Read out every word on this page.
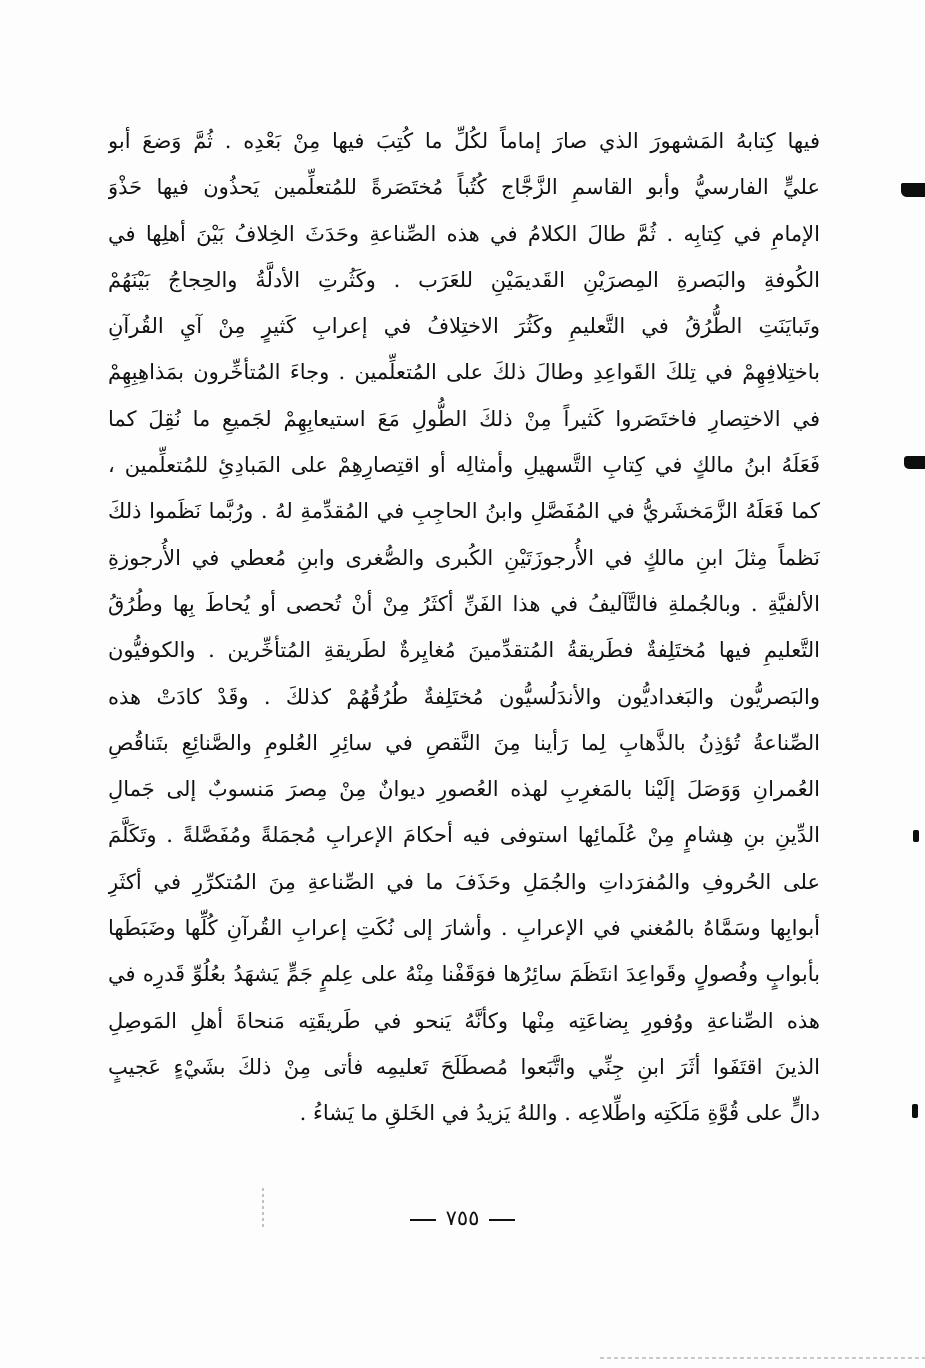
فيها كِتابهُ المَشهورَ الذي صارَ إماماً لكُلِّ ما كُتِبَ فيها مِنْ بَعْدِه . ثُمَّ وَضعَ أبو
عليٍّ الفارسيُّ وأبو القاسمِ الزَّجَّاج كُتُباً مُختَصَرةً للمُتعلِّمين يَحذُون فيها حَذْوَ
الإمامِ في كِتابِه . ثُمَّ طالَ الكلامُ في هذه الصِّناعةِ وحَدَثَ الخِلافُ بَيْنَ أهلِها في
الكُوفةِ والبَصرةِ المِصرَيْنِ القَديمَيْنِ للعَرَب . وكَثُرتِ الأدلَّةُ والحِجاجُ بَيْنَهُمْ
وتَبايَنَتِ الطُّرُقُ في التَّعليمِ وكَثُرَ الاختِلافُ في إعرابِ كَثيرٍ مِنْ آيِ القُرآنِ
باختِلافِهِمْ في تِلكَ القَواعِدِ وطالَ ذلكَ على المُتعلِّمين . وجاءَ المُتأخِّرون بمَذاهِبِهِمْ
في الاختِصارِ فاختَصَروا كَثيراً مِنْ ذلكَ الطُّولِ مَعَ استيعابِهِمْ لجَميعِ ما نُقِلَ كما
فَعَلَهُ ابنُ مالكٍ في كِتابِ التَّسهيلِ وأمثالِه أو اقتِصارِهِمْ على المَبادِئِ للمُتعلِّمين ،
كما فَعَلَهُ الزَّمَخشَريُّ في المُفَصَّلِ وابنُ الحاجِبِ في المُقدِّمةِ لهُ . ورُبَّما نَظَموا ذلكَ
نَظماً مِثلَ ابنِ مالكٍ في الأُرجوزَتَيْنِ الكُبرى والصُّغرى وابنِ مُعطي في الأُرجوزةِ
الألفيَّةِ . وبالجُملةِ فالتَّآليفُ في هذا الفَنِّ أكثَرُ مِنْ أنْ تُحصى أو يُحاطَ بِها وطُرُقُ
التَّعليمِ فيها مُختَلِفةٌ فطَريقةُ المُتقدِّمينَ مُغايِرةٌ لطَريقةِ المُتأخِّرين . والكوفيُّون
والبَصريُّون والبَغداديُّون والأندَلُسيُّون مُختَلِفةٌ طُرُقُهُمْ كذلكَ . وقَدْ كادَتْ هذه
الصِّناعةُ تُؤذِنُ بالذَّهابِ لِما رَأينا مِنَ النَّقصِ في سائِرِ العُلومِ والصَّنائِعِ بتَناقُصِ
العُمرانِ وَوَصَلَ إلَيْنا بالمَغرِبِ لهذه العُصورِ ديوانٌ مِنْ مِصرَ مَنسوبٌ إلى جَمالِ
الدِّينِ بنِ هِشامٍ مِنْ عُلَمائِها استوفى فيه أحكامَ الإعرابِ مُجمَلةً ومُفَصَّلةً . وتَكَلَّمَ
على الحُروفِ والمُفرَداتِ والجُمَلِ وحَذَفَ ما في الصِّناعةِ مِنَ المُتكرِّرِ في أكثَرِ
أبوابِها وسَمَّاهُ بالمُغني في الإعرابِ . وأشارَ إلى نُكَتِ إعرابِ القُرآنِ كُلِّها وضَبَطَها
بأبوابٍ وفُصولٍ وقَواعِدَ انتَظَمَ سائِرُها فوَقَفْنا مِنْهُ على عِلمٍ جَمٍّ يَشهَدُ بعُلُوِّ قَدرِه في
هذه الصِّناعةِ ووُفورِ بِضاعَتِه مِنْها وكأنَّهُ يَنحو في طَريقَتِه مَنحاةَ أهلِ المَوصِلِ
الذينَ اقتَفَوا أثَرَ ابنِ جِنِّي واتَّبَعوا مُصطَلَحَ تَعليمِه فأتى مِنْ ذلكَ بشَيْءٍ عَجيبٍ
دالٍّ على قُوَّةِ مَلَكَتِه واطِّلاعِه . واللهُ يَزيدُ في الخَلقِ ما يَشاءُ .
٧٥٥
